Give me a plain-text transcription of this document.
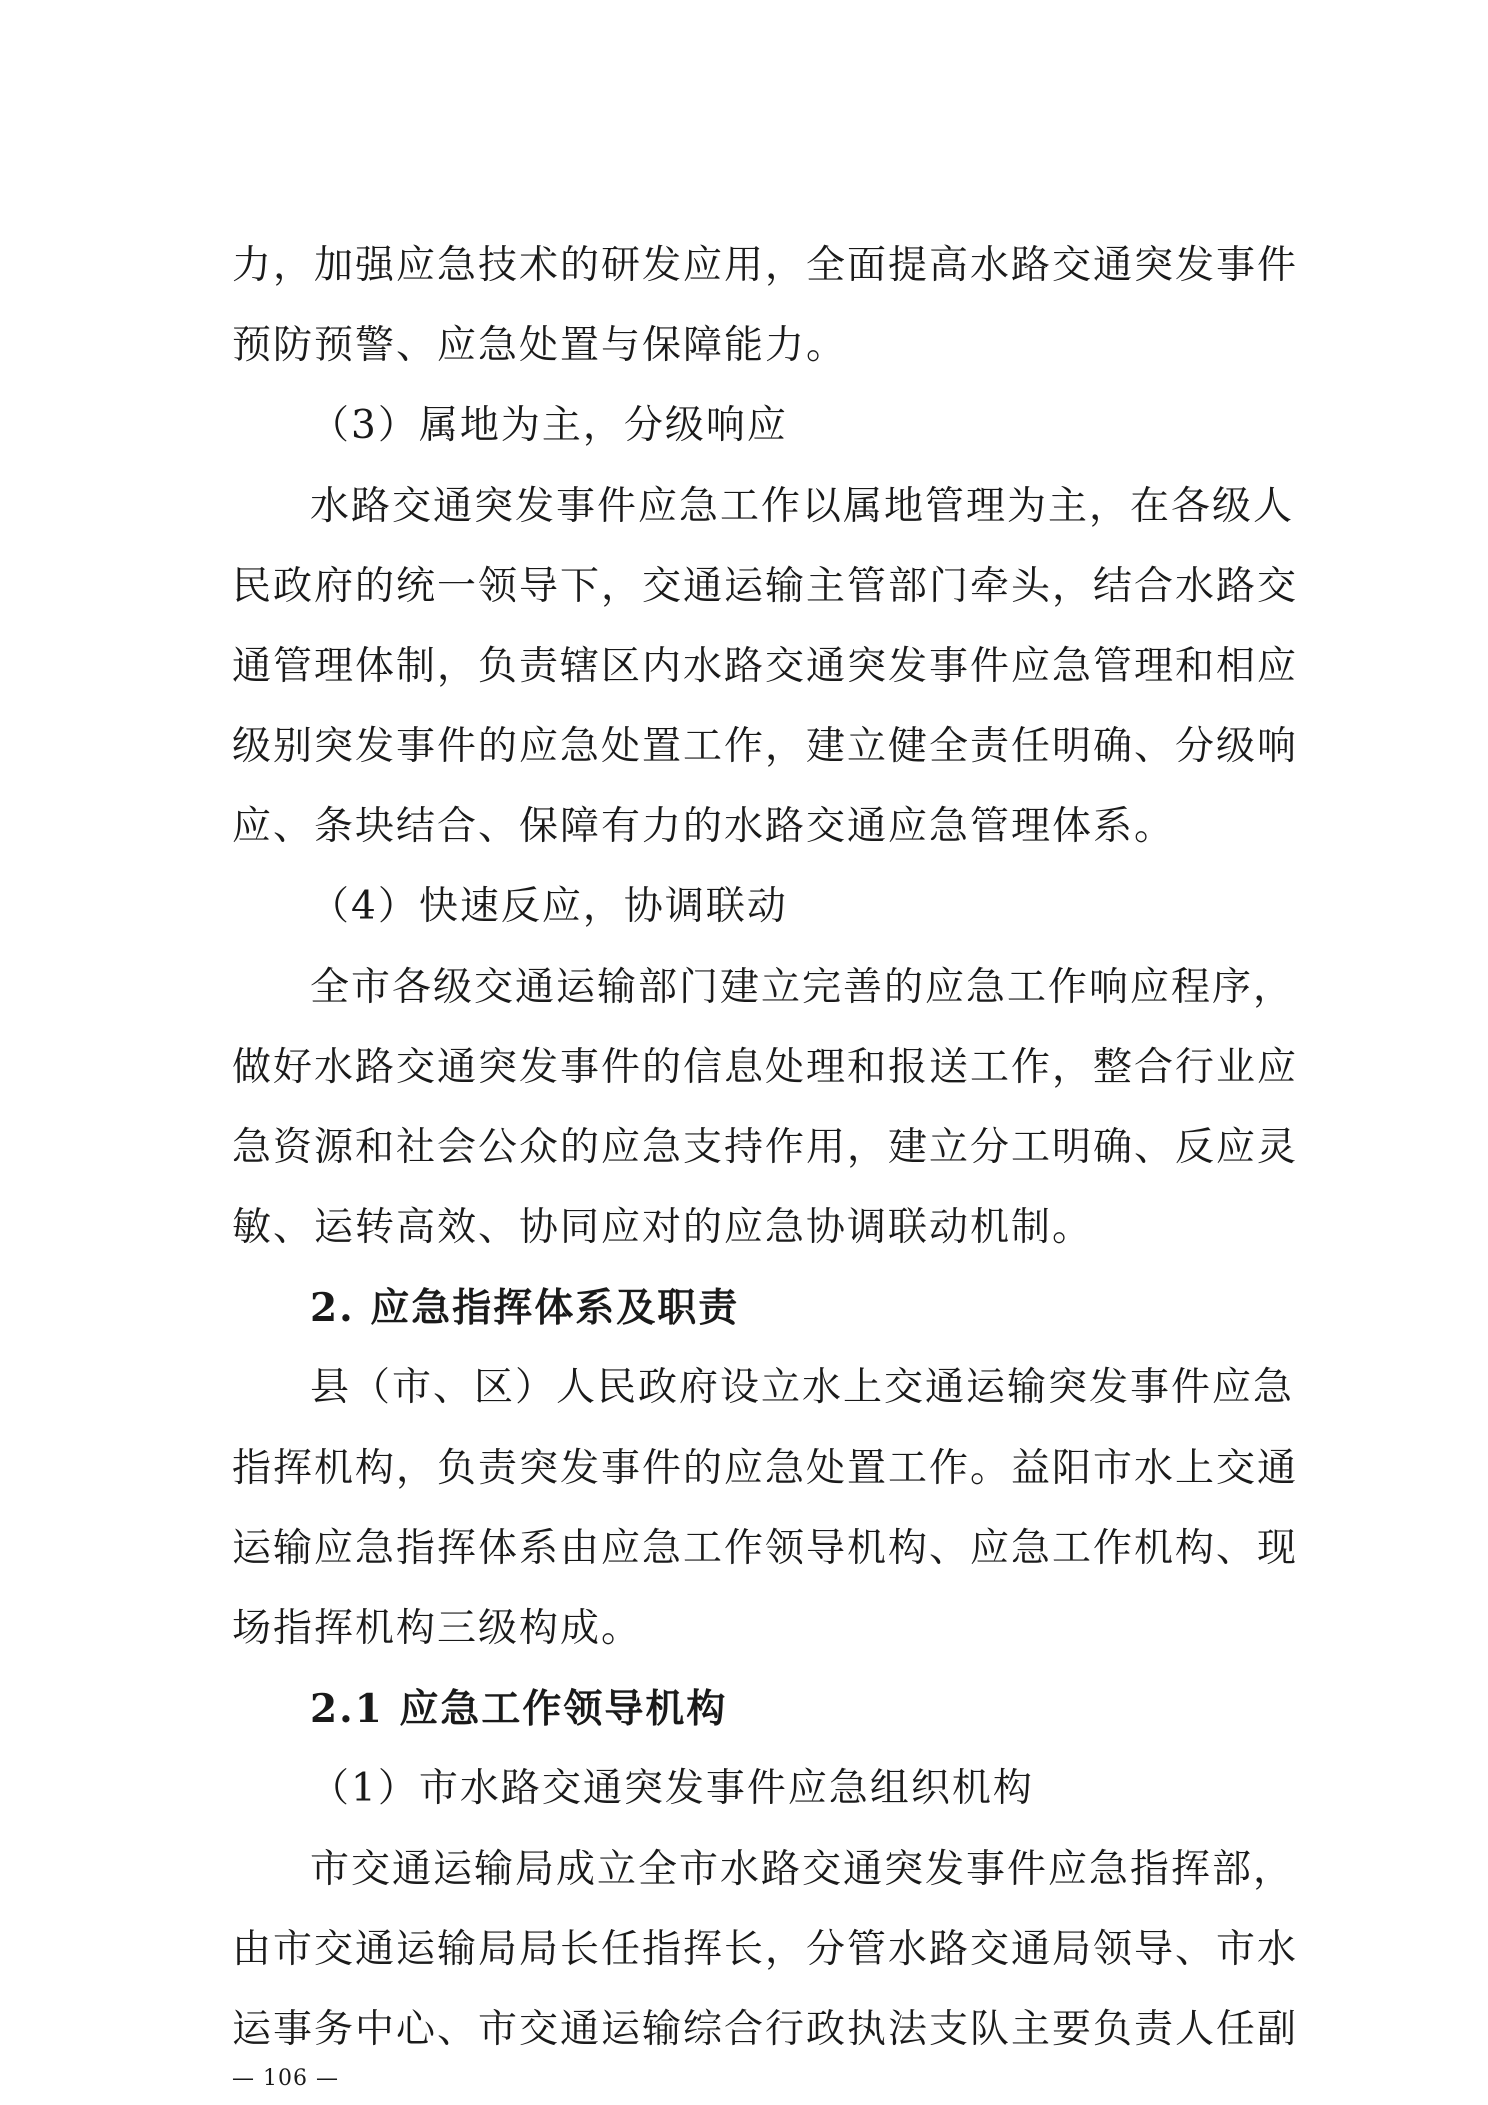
力，加强应急技术的研发应用，全面提高水路交通突发事件
预防预警、应急处置与保障能力。
（3）属地为主，分级响应
水路交通突发事件应急工作以属地管理为主，在各级人
民政府的统一领导下，交通运输主管部门牵头，结合水路交
通管理体制，负责辖区内水路交通突发事件应急管理和相应
级别突发事件的应急处置工作，建立健全责任明确、分级响
应、条块结合、保障有力的水路交通应急管理体系。
（4）快速反应，协调联动
全市各级交通运输部门建立完善的应急工作响应程序，
做好水路交通突发事件的信息处理和报送工作，整合行业应
急资源和社会公众的应急支持作用，建立分工明确、反应灵
敏、运转高效、协同应对的应急协调联动机制。
2. 应急指挥体系及职责
县（市、区）人民政府设立水上交通运输突发事件应急
指挥机构，负责突发事件的应急处置工作。益阳市水上交通
运输应急指挥体系由应急工作领导机构、应急工作机构、现
场指挥机构三级构成。
2.1 应急工作领导机构
（1）市水路交通突发事件应急组织机构
市交通运输局成立全市水路交通突发事件应急指挥部，
由市交通运输局局长任指挥长，分管水路交通局领导、市水
运事务中心、市交通运输综合行政执法支队主要负责人任副
— 106 —
